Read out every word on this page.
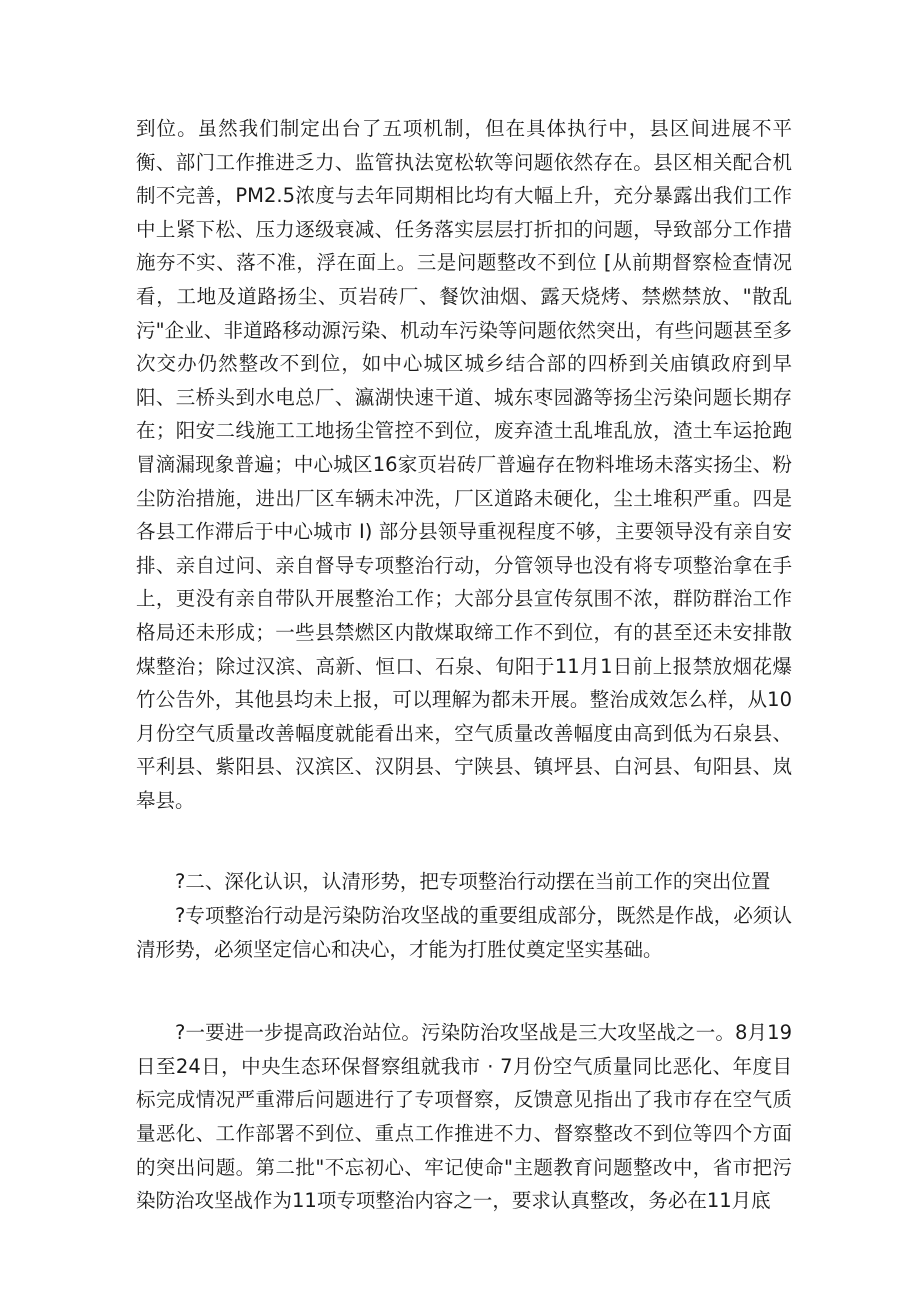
到位。虽然我们制定出台了五项机制，但在具体执行中，县区间进展不平衡、部门工作推进乏力、监管执法宽松软等问题依然存在。县区相关配合机制不完善，PM2.5浓度与去年同期相比均有大幅上升，充分暴露出我们工作中上紧下松、压力逐级衰减、任务落实层层打折扣的问题，导致部分工作措施夯不实、落不准，浮在面上。三是问题整改不到位 [从前期督察检查情况看，工地及道路扬尘、页岩砖厂、餐饮油烟、露天烧烤、禁燃禁放、"散乱污"企业、非道路移动源污染、机动车污染等问题依然突出，有些问题甚至多次交办仍然整改不到位，如中心城区城乡结合部的四桥到关庙镇政府到早阳、三桥头到水电总厂、瀛湖快速干道、城东枣园潞等扬尘污染问题长期存在；阳安二线施工工地扬尘管控不到位，废弃渣土乱堆乱放，渣土车运抢跑冒滴漏现象普遍；中心城区16家页岩砖厂普遍存在物料堆场未落实扬尘、粉尘防治措施，进出厂区车辆未冲洗，厂区道路未硬化，尘土堆积严重。四是各县工作滞后于中心城市 I) 部分县领导重视程度不够，主要领导没有亲自安排、亲自过问、亲自督导专项整治行动，分管领导也没有将专项整治拿在手上，更没有亲自带队开展整治工作；大部分县宣传氛围不浓，群防群治工作格局还未形成；一些县禁燃区内散煤取缔工作不到位，有的甚至还未安排散煤整治；除过汉滨、高新、恒口、石泉、旬阳于11月1日前上报禁放烟花爆竹公告外，其他县均未上报，可以理解为都未开展。整治成效怎么样，从10月份空气质量改善幅度就能看出来，空气质量改善幅度由高到低为石泉县、平利县、紫阳县、汉滨区、汉阴县、宁陕县、镇坪县、白河县、旬阳县、岚皋县。

?二、深化认识，认清形势，把专项整治行动摆在当前工作的突出位置

?专项整治行动是污染防治攻坚战的重要组成部分，既然是作战，必须认清形势，必须坚定信心和决心，才能为打胜仗奠定坚实基础。

?一要进一步提高政治站位。污染防治攻坚战是三大攻坚战之一。8月19日至24日，中央生态环保督察组就我市 · 7月份空气质量同比恶化、年度目标完成情况严重滞后问题进行了专项督察，反馈意见指出了我市存在空气质量恶化、工作部署不到位、重点工作推进不力、督察整改不到位等四个方面的突出问题。第二批"不忘初心、牢记使命"主题教育问题整改中，省市把污染防治攻坚战作为11项专项整治内容之一，要求认真整改，务必在11月底
